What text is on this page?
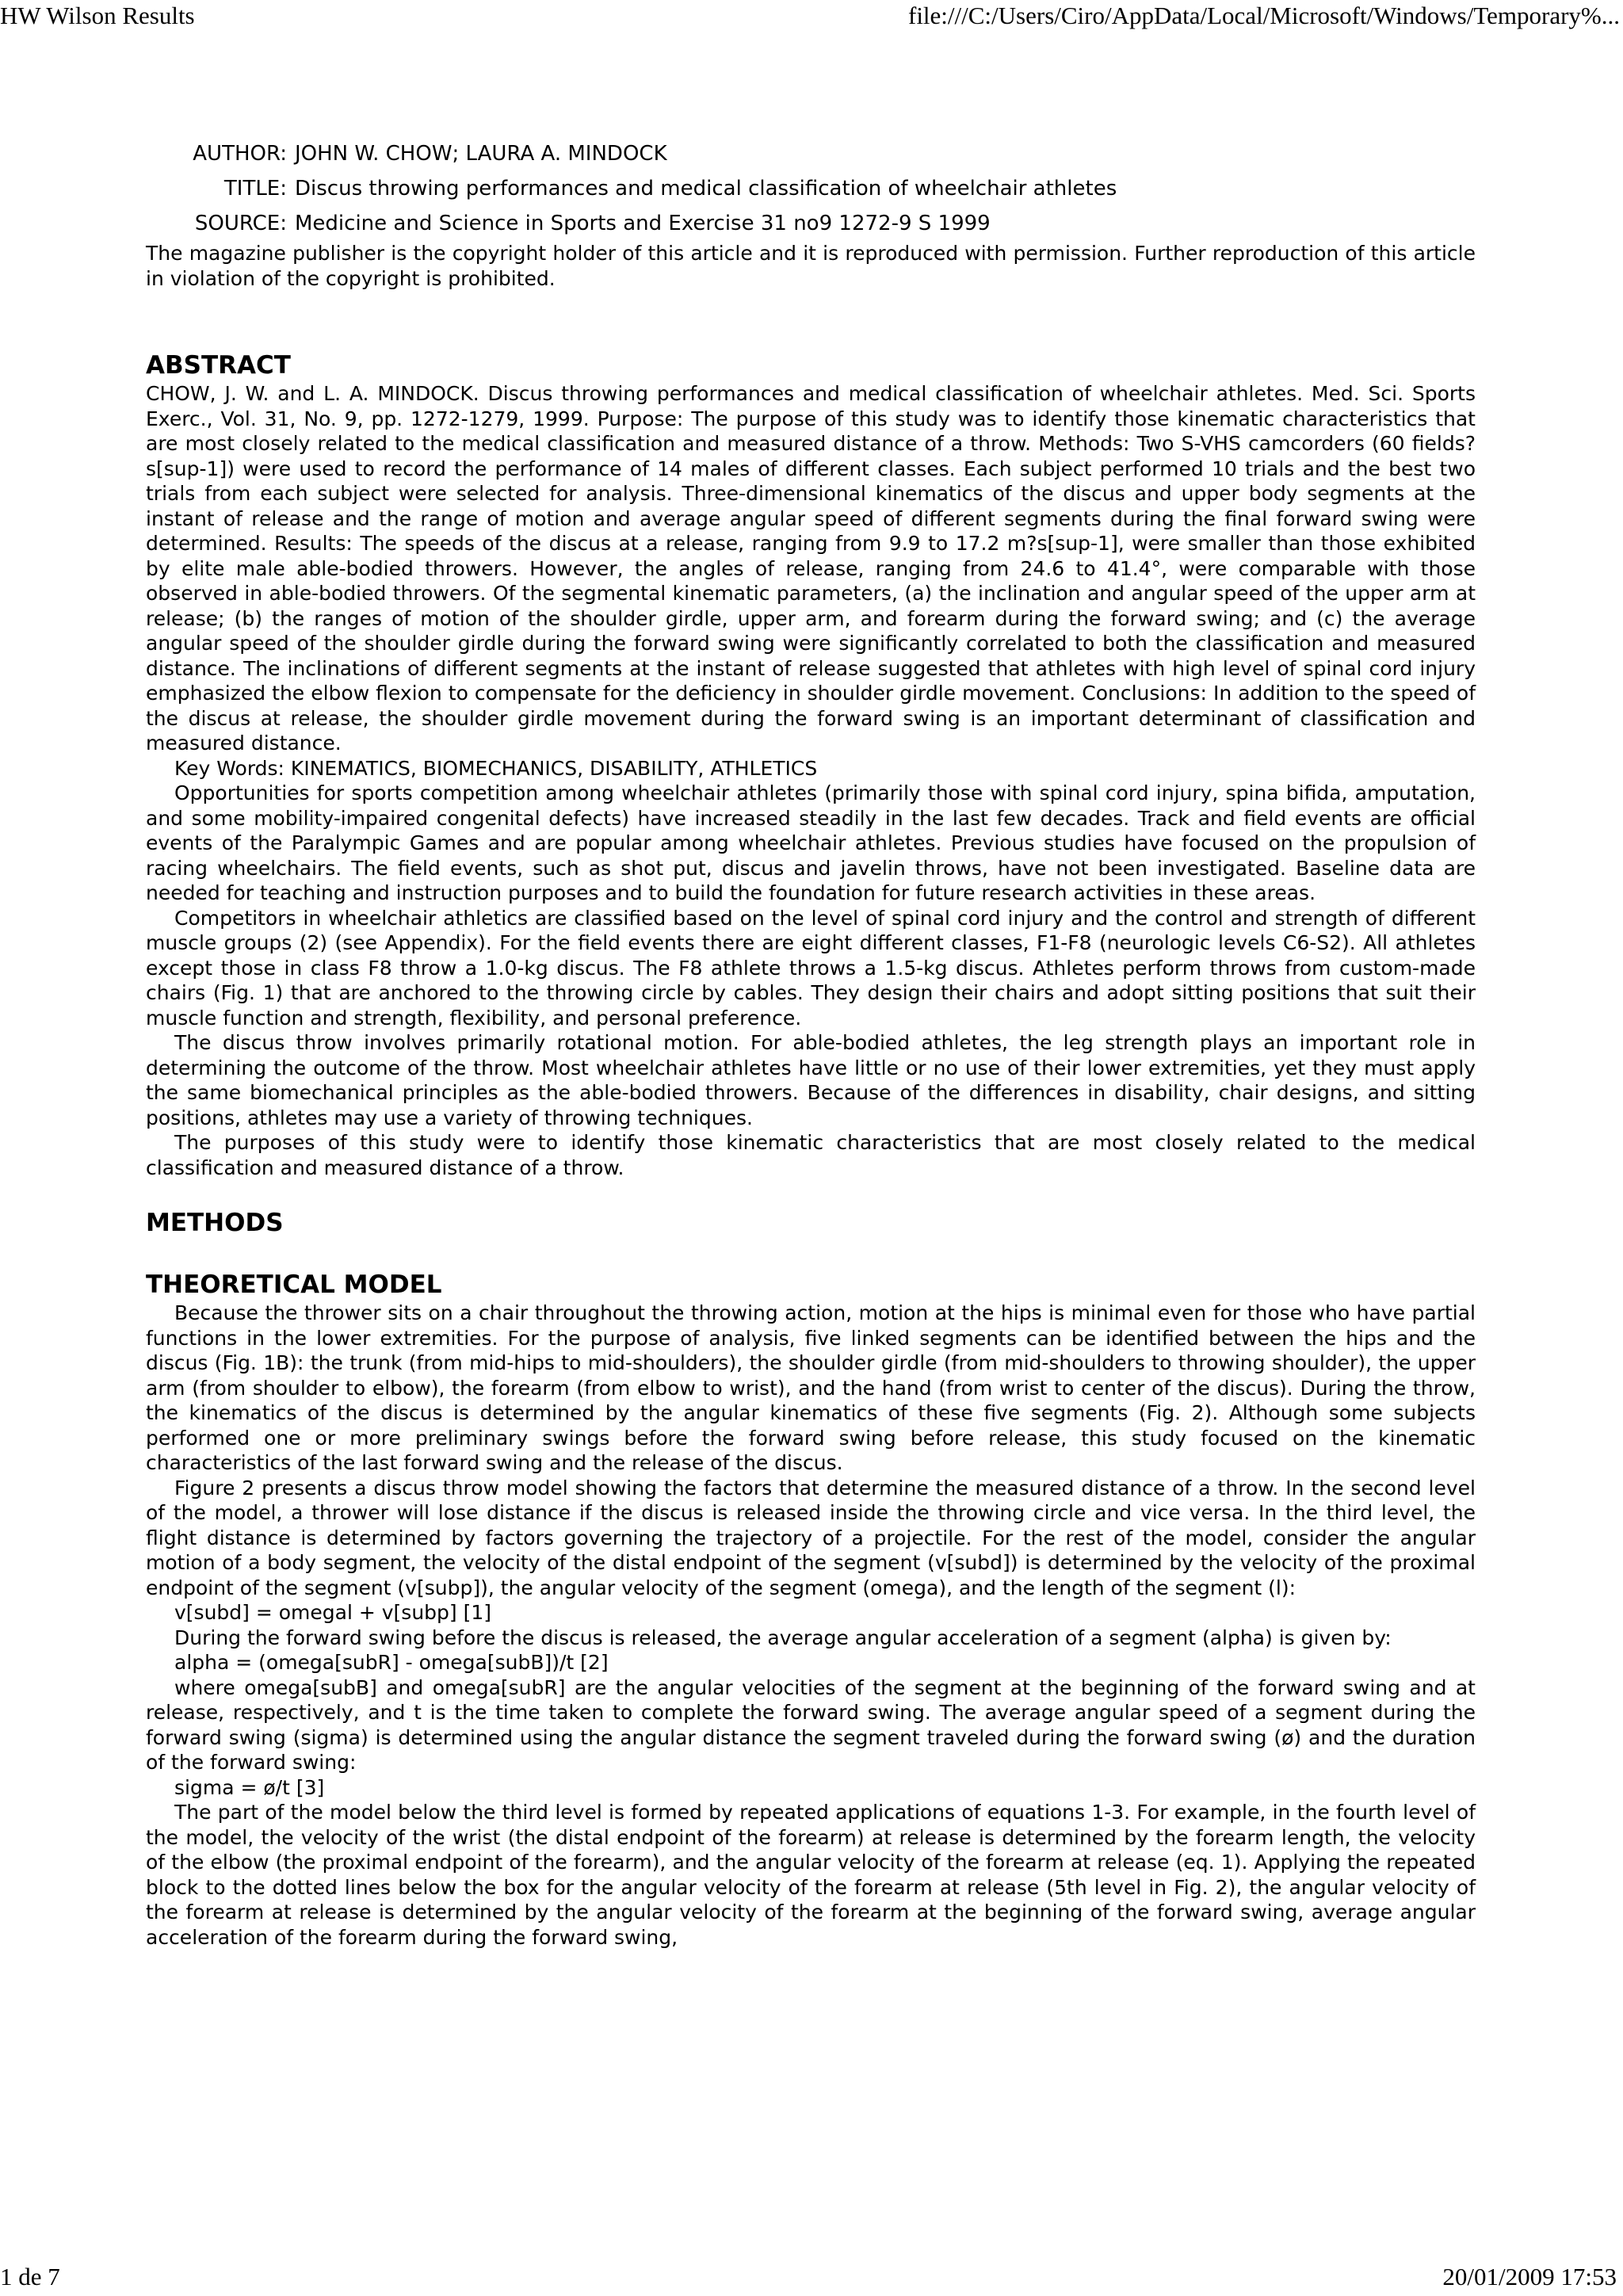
HW Wilson Results	file:///C:/Users/Ciro/AppData/Local/Microsoft/Windows/Temporary%...
AUTHOR: JOHN W. CHOW; LAURA A. MINDOCK
TITLE: Discus throwing performances and medical classification of wheelchair athletes
SOURCE: Medicine and Science in Sports and Exercise 31 no9 1272-9 S 1999

The magazine publisher is the copyright holder of this article and it is reproduced with permission. Further reproduction of this article in violation of the copyright is prohibited.

ABSTRACT

CHOW, J. W. and L. A. MINDOCK. Discus throwing performances and medical classification of wheelchair athletes. Med. Sci. Sports Exerc., Vol. 31, No. 9, pp. 1272-1279, 1999. Purpose: The purpose of this study was to identify those kinematic characteristics that are most closely related to the medical classification and measured distance of a throw. Methods: Two S-VHS camcorders (60 fields?s[sup-1]) were used to record the performance of 14 males of different classes. Each subject performed 10 trials and the best two trials from each subject were selected for analysis. Three-dimensional kinematics of the discus and upper body segments at the instant of release and the range of motion and average angular speed of different segments during the final forward swing were determined. Results: The speeds of the discus at a release, ranging from 9.9 to 17.2 m?s[sup-1], were smaller than those exhibited by elite male able-bodied throwers. However, the angles of release, ranging from 24.6 to 41.4°, were comparable with those observed in able-bodied throwers. Of the segmental kinematic parameters, (a) the inclination and angular speed of the upper arm at release; (b) the ranges of motion of the shoulder girdle, upper arm, and forearm during the forward swing; and (c) the average angular speed of the shoulder girdle during the forward swing were significantly correlated to both the classification and measured distance. The inclinations of different segments at the instant of release suggested that athletes with high level of spinal cord injury emphasized the elbow flexion to compensate for the deficiency in shoulder girdle movement. Conclusions: In addition to the speed of the discus at release, the shoulder girdle movement during the forward swing is an important determinant of classification and measured distance.

Key Words: KINEMATICS, BIOMECHANICS, DISABILITY, ATHLETICS

Opportunities for sports competition among wheelchair athletes (primarily those with spinal cord injury, spina bifida, amputation, and some mobility-impaired congenital defects) have increased steadily in the last few decades. Track and field events are official events of the Paralympic Games and are popular among wheelchair athletes. Previous studies have focused on the propulsion of racing wheelchairs. The field events, such as shot put, discus and javelin throws, have not been investigated. Baseline data are needed for teaching and instruction purposes and to build the foundation for future research activities in these areas.

Competitors in wheelchair athletics are classified based on the level of spinal cord injury and the control and strength of different muscle groups (2) (see Appendix). For the field events there are eight different classes, F1-F8 (neurologic levels C6-S2). All athletes except those in class F8 throw a 1.0-kg discus. The F8 athlete throws a 1.5-kg discus. Athletes perform throws from custom-made chairs (Fig. 1) that are anchored to the throwing circle by cables. They design their chairs and adopt sitting positions that suit their muscle function and strength, flexibility, and personal preference.

The discus throw involves primarily rotational motion. For able-bodied athletes, the leg strength plays an important role in determining the outcome of the throw. Most wheelchair athletes have little or no use of their lower extremities, yet they must apply the same biomechanical principles as the able-bodied throwers. Because of the differences in disability, chair designs, and sitting positions, athletes may use a variety of throwing techniques.

The purposes of this study were to identify those kinematic characteristics that are most closely related to the medical classification and measured distance of a throw.

METHODS
THEORETICAL MODEL

Because the thrower sits on a chair throughout the throwing action, motion at the hips is minimal even for those who have partial functions in the lower extremities. For the purpose of analysis, five linked segments can be identified between the hips and the discus (Fig. 1B): the trunk (from mid-hips to mid-shoulders), the shoulder girdle (from mid-shoulders to throwing shoulder), the upper arm (from shoulder to elbow), the forearm (from elbow to wrist), and the hand (from wrist to center of the discus). During the throw, the kinematics of the discus is determined by the angular kinematics of these five segments (Fig. 2). Although some subjects performed one or more preliminary swings before the forward swing before release, this study focused on the kinematic characteristics of the last forward swing and the release of the discus.

Figure 2 presents a discus throw model showing the factors that determine the measured distance of a throw. In the second level of the model, a thrower will lose distance if the discus is released inside the throwing circle and vice versa. In the third level, the flight distance is determined by factors governing the trajectory of a projectile. For the rest of the model, consider the angular motion of a body segment, the velocity of the distal endpoint of the segment (v[subd]) is determined by the velocity of the proximal endpoint of the segment (v[subp]), the angular velocity of the segment (omega), and the length of the segment (l):

v[subd] = omegal + v[subp] [1]

During the forward swing before the discus is released, the average angular acceleration of a segment (alpha) is given by:

alpha = (omega[subR] - omega[subB])/t [2]

where omega[subB] and omega[subR] are the angular velocities of the segment at the beginning of the forward swing and at release, respectively, and t is the time taken to complete the forward swing. The average angular speed of a segment during the forward swing (sigma) is determined using the angular distance the segment traveled during the forward swing (ø) and the duration of the forward swing:

sigma = ø/t [3]

The part of the model below the third level is formed by repeated applications of equations 1-3. For example, in the fourth level of the model, the velocity of the wrist (the distal endpoint of the forearm) at release is determined by the forearm length, the velocity of the elbow (the proximal endpoint of the forearm), and the angular velocity of the forearm at release (eq. 1). Applying the repeated block to the dotted lines below the box for the angular velocity of the forearm at release (5th level in Fig. 2), the angular velocity of the forearm at release is determined by the angular velocity of the forearm at the beginning of the forward swing, average angular acceleration of the forearm during the forward swing,

1 de 7	20/01/2009 17:53
